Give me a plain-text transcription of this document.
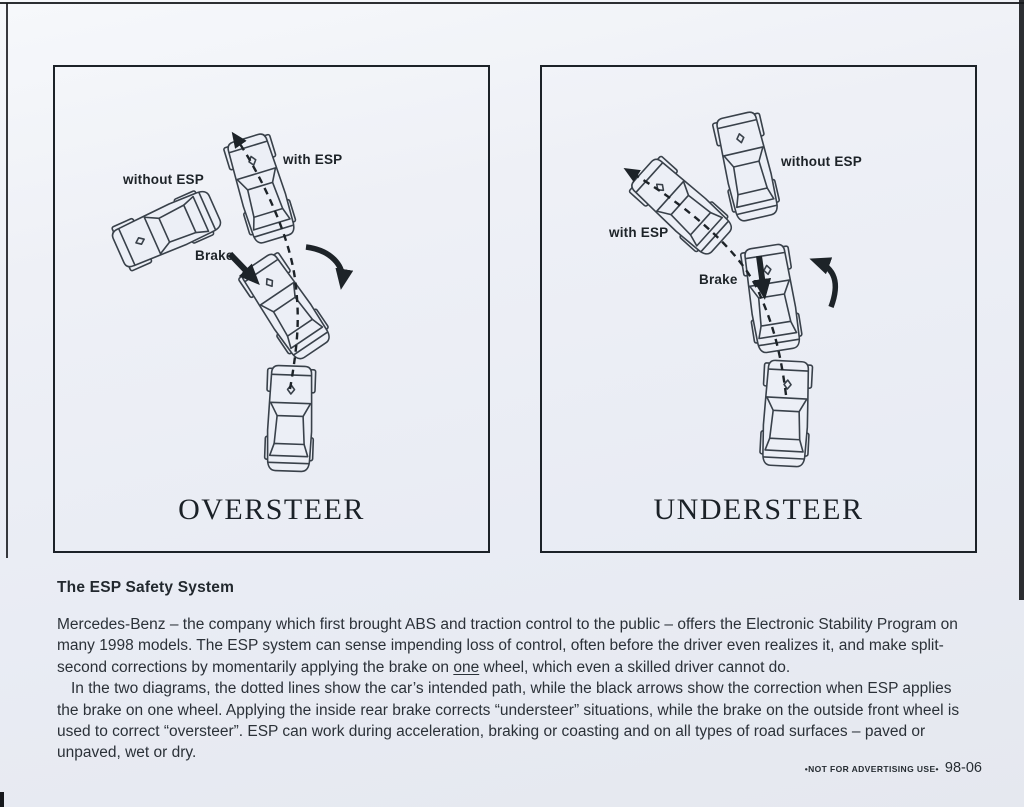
without ESP
with ESP
Brake
OVERSTEER
without ESP
with ESP
Brake
UNDERSTEER
The ESP Safety System

Mercedes-Benz – the company which first brought ABS and traction control to the public – offers the Electronic Stability Program on many 1998 models. The ESP system can sense impending loss of control, often before the driver even realizes it, and make split-second corrections by momentarily applying the brake on one wheel, which even a skilled driver cannot do.

In the two diagrams, the dotted lines show the car’s intended path, while the black arrows show the correction when ESP applies the brake on one wheel. Applying the inside rear brake corrects “understeer” situations, while the brake on the outside front wheel is used to correct “oversteer”. ESP can work during acceleration, braking or coasting and on all types of road surfaces – paved or unpaved, wet or dry.

•NOT FOR ADVERTISING USE• 98-06
